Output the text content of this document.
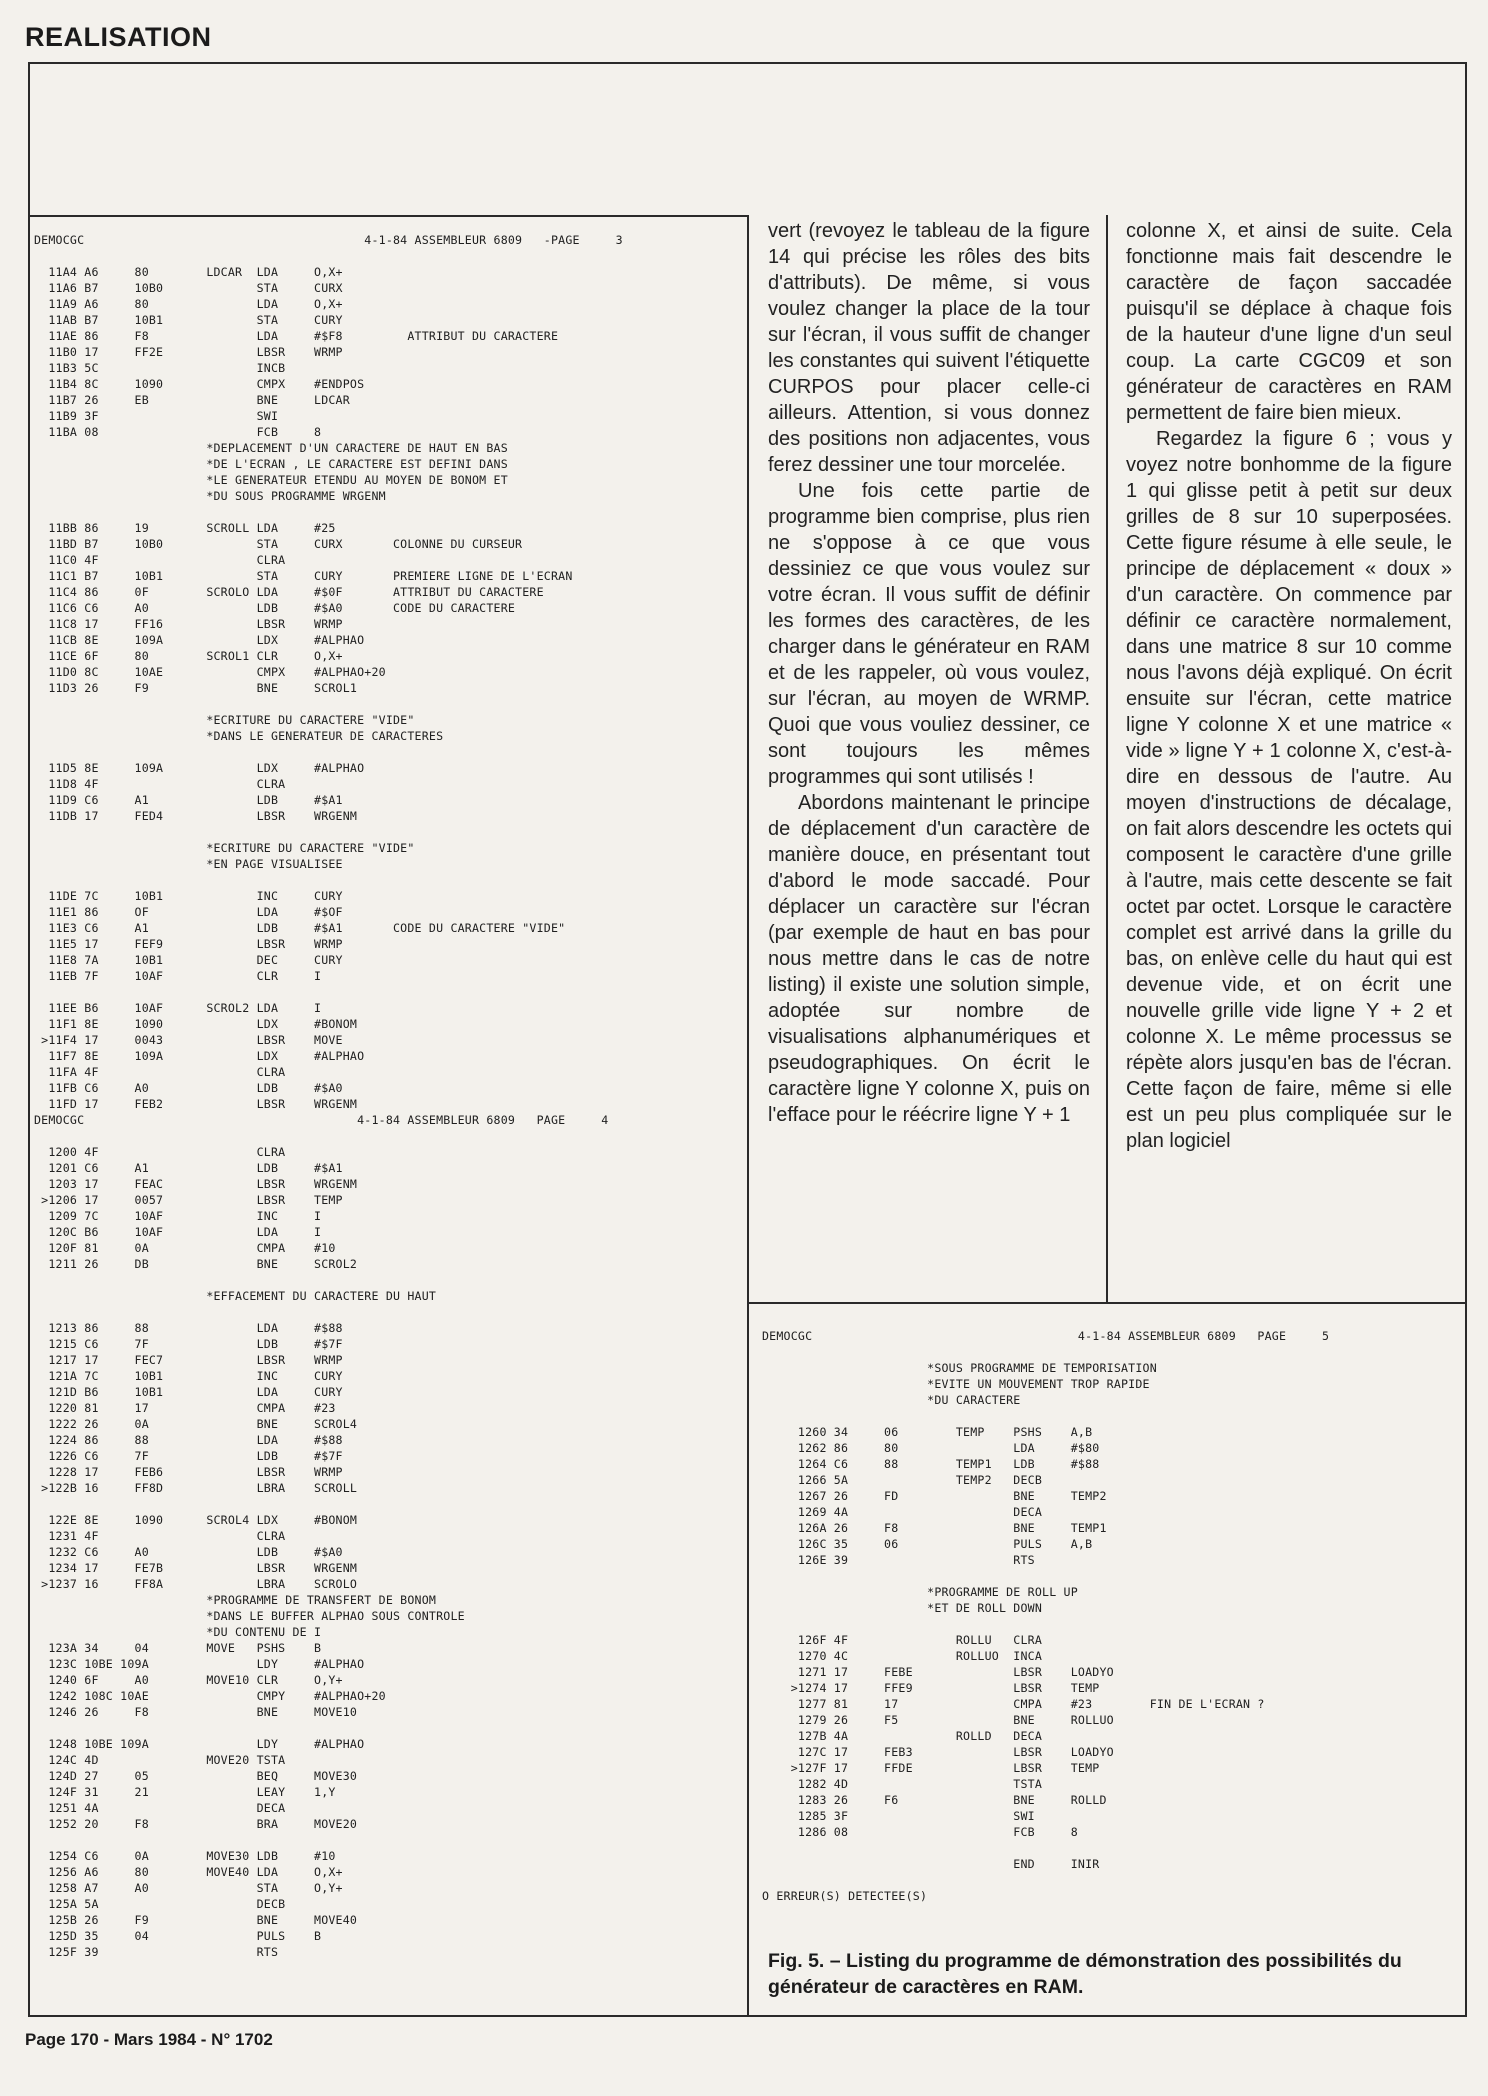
REALISATION
DEMOCGC                                       4-1-84 ASSEMBLEUR 6809   -PAGE     3
11A4 A6     80        LDCAR  LDA     O,X+
11A6 B7     10B0             STA     CURX
11A9 A6     80               LDA     O,X+
11AB B7     10B1             STA     CURY
11AE 86     F8               LDA     #$F8         ATTRIBUT DU CARACTERE
11B0 17     FF2E             LBSR    WRMP
11B3 5C                      INCB
11B4 8C     1090             CMPX    #ENDPOS
11B7 26     EB               BNE     LDCAR
11B9 3F                      SWI
11BA 08                      FCB     8
*DEPLACEMENT D'UN CARACTERE DE HAUT EN BAS
*DE L'ECRAN , LE CARACTERE EST DEFINI DANS
*LE GENERATEUR ETENDU AU MOYEN DE BONOM ET
*DU SOUS PROGRAMME WRGENM
11BB 86     19        SCROLL LDA     #25
11BD B7     10B0             STA     CURX       COLONNE DU CURSEUR
11C0 4F                      CLRA
11C1 B7     10B1             STA     CURY       PREMIERE LIGNE DE L'ECRAN
11C4 86     0F        SCROLO LDA     #$0F       ATTRIBUT DU CARACTERE
11C6 C6     A0               LDB     #$A0       CODE DU CARACTERE
11C8 17     FF16             LBSR    WRMP
11CB 8E     109A             LDX     #ALPHAO
11CE 6F     80        SCROL1 CLR     O,X+
11D0 8C     10AE             CMPX    #ALPHAO+20
11D3 26     F9               BNE     SCROL1
*ECRITURE DU CARACTERE "VIDE"
*DANS LE GENERATEUR DE CARACTERES
11D5 8E     109A             LDX     #ALPHAO
11D8 4F                      CLRA
11D9 C6     A1               LDB     #$A1
11DB 17     FED4             LBSR    WRGENM
*ECRITURE DU CARACTERE "VIDE"
*EN PAGE VISUALISEE
11DE 7C     10B1             INC     CURY
11E1 86     OF               LDA     #$OF
11E3 C6     A1               LDB     #$A1       CODE DU CARACTERE "VIDE"
11E5 17     FEF9             LBSR    WRMP
11E8 7A     10B1             DEC     CURY
11EB 7F     10AF             CLR     I
11EE B6     10AF      SCROL2 LDA     I
11F1 8E     1090             LDX     #BONOM
>11F4 17     0043             LBSR    MOVE
11F7 8E     109A             LDX     #ALPHAO
11FA 4F                      CLRA
11FB C6     A0               LDB     #$A0
11FD 17     FEB2             LBSR    WRGENM
DEMOCGC                                      4-1-84 ASSEMBLEUR 6809   PAGE     4
1200 4F                      CLRA
1201 C6     A1               LDB     #$A1
1203 17     FEAC             LBSR    WRGENM
>1206 17     0057             LBSR    TEMP
1209 7C     10AF             INC     I
120C B6     10AF             LDA     I
120F 81     0A               CMPA    #10
1211 26     DB               BNE     SCROL2
*EFFACEMENT DU CARACTERE DU HAUT
1213 86     88               LDA     #$88
1215 C6     7F               LDB     #$7F
1217 17     FEC7             LBSR    WRMP
121A 7C     10B1             INC     CURY
121D B6     10B1             LDA     CURY
1220 81     17               CMPA    #23
1222 26     0A               BNE     SCROL4
1224 86     88               LDA     #$88
1226 C6     7F               LDB     #$7F
1228 17     FEB6             LBSR    WRMP
>122B 16     FF8D             LBRA    SCROLL
122E 8E     1090      SCROL4 LDX     #BONOM
1231 4F                      CLRA
1232 C6     A0               LDB     #$A0
1234 17     FE7B             LBSR    WRGENM
>1237 16     FF8A             LBRA    SCROLO
*PROGRAMME DE TRANSFERT DE BONOM
*DANS LE BUFFER ALPHAO SOUS CONTROLE
*DU CONTENU DE I
123A 34     04        MOVE   PSHS    B
123C 10BE 109A               LDY     #ALPHAO
1240 6F     A0        MOVE10 CLR     O,Y+
1242 108C 10AE               CMPY    #ALPHAO+20
1246 26     F8               BNE     MOVE10
1248 10BE 109A               LDY     #ALPHAO
124C 4D               MOVE20 TSTA
124D 27     05               BEQ     MOVE30
124F 31     21               LEAY    1,Y
1251 4A                      DECA
1252 20     F8               BRA     MOVE20
1254 C6     0A        MOVE30 LDB     #10
1256 A6     80        MOVE40 LDA     O,X+
1258 A7     A0               STA     O,Y+
125A 5A                      DECB
125B 26     F9               BNE     MOVE40
125D 35     04               PULS    B
125F 39                      RTS

vert (revoyez le tableau de la figure 14 qui précise les rôles des bits d'attributs). De même, si vous voulez changer la place de la tour sur l'écran, il vous suffit de changer les constantes qui suivent l'étiquette CURPOS pour placer celle-ci ailleurs. Attention, si vous donnez des positions non adjacentes, vous ferez dessiner une tour morcelée.

Une fois cette partie de programme bien comprise, plus rien ne s'oppose à ce que vous dessiniez ce que vous voulez sur votre écran. Il vous suffit de définir les formes des caractères, de les charger dans le générateur en RAM et de les rappeler, où vous voulez, sur l'écran, au moyen de WRMP. Quoi que vous vouliez dessiner, ce sont toujours les mêmes programmes qui sont utilisés !

Abordons maintenant le principe de déplacement d'un caractère de manière douce, en présentant tout d'abord le mode saccadé. Pour déplacer un caractère sur l'écran (par exemple de haut en bas pour nous mettre dans le cas de notre listing) il existe une solution simple, adoptée sur nombre de visualisations alphanumériques et pseudographiques. On écrit le caractère ligne Y colonne X, puis on l'efface pour le réécrire ligne Y + 1

colonne X, et ainsi de suite. Cela fonctionne mais fait descendre le caractère de façon saccadée puisqu'il se déplace à chaque fois de la hauteur d'une ligne d'un seul coup. La carte CGC09 et son générateur de caractères en RAM permettent de faire bien mieux.

Regardez la figure 6 ; vous y voyez notre bonhomme de la figure 1 qui glisse petit à petit sur deux grilles de 8 sur 10 superposées. Cette figure résume à elle seule, le principe de déplacement « doux » d'un caractère. On commence par définir ce caractère normalement, dans une matrice 8 sur 10 comme nous l'avons déjà expliqué. On écrit ensuite sur l'écran, cette matrice ligne Y colonne X et une matrice « vide » ligne Y + 1 colonne X, c'est-à-dire en dessous de l'autre. Au moyen d'instructions de décalage, on fait alors descendre les octets qui composent le caractère d'une grille à l'autre, mais cette descente se fait octet par octet. Lorsque le caractère complet est arrivé dans la grille du bas, on enlève celle du haut qui est devenue vide, et on écrit une nouvelle grille vide ligne Y + 2 et colonne X. Le même processus se répète alors jusqu'en bas de l'écran. Cette façon de faire, même si elle est un peu plus compliquée sur le plan logiciel

DEMOCGC                                     4-1-84 ASSEMBLEUR 6809   PAGE     5
*SOUS PROGRAMME DE TEMPORISATION
*EVITE UN MOUVEMENT TROP RAPIDE
*DU CARACTERE
1260 34     06        TEMP    PSHS    A,B
1262 86     80                LDA     #$80
1264 C6     88        TEMP1   LDB     #$88
1266 5A               TEMP2   DECB
1267 26     FD                BNE     TEMP2
1269 4A                       DECA
126A 26     F8                BNE     TEMP1
126C 35     06                PULS    A,B
126E 39                       RTS
*PROGRAMME DE ROLL UP
*ET DE ROLL DOWN
126F 4F               ROLLU   CLRA
1270 4C               ROLLUO  INCA
1271 17     FEBE              LBSR    LOADYO
>1274 17     FFE9              LBSR    TEMP
1277 81     17                CMPA    #23        FIN DE L'ECRAN ?
1279 26     F5                BNE     ROLLUO
127B 4A               ROLLD   DECA
127C 17     FEB3              LBSR    LOADYO
>127F 17     FFDE              LBSR    TEMP
1282 4D                       TSTA
1283 26     F6                BNE     ROLLD
1285 3F                       SWI
1286 08                       FCB     8
END     INIR
O ERREUR(S) DETECTEE(S)
Fig. 5. – Listing du programme de démonstration des possibilités du générateur de caractères en RAM.
Page 170 - Mars 1984 - N° 1702
